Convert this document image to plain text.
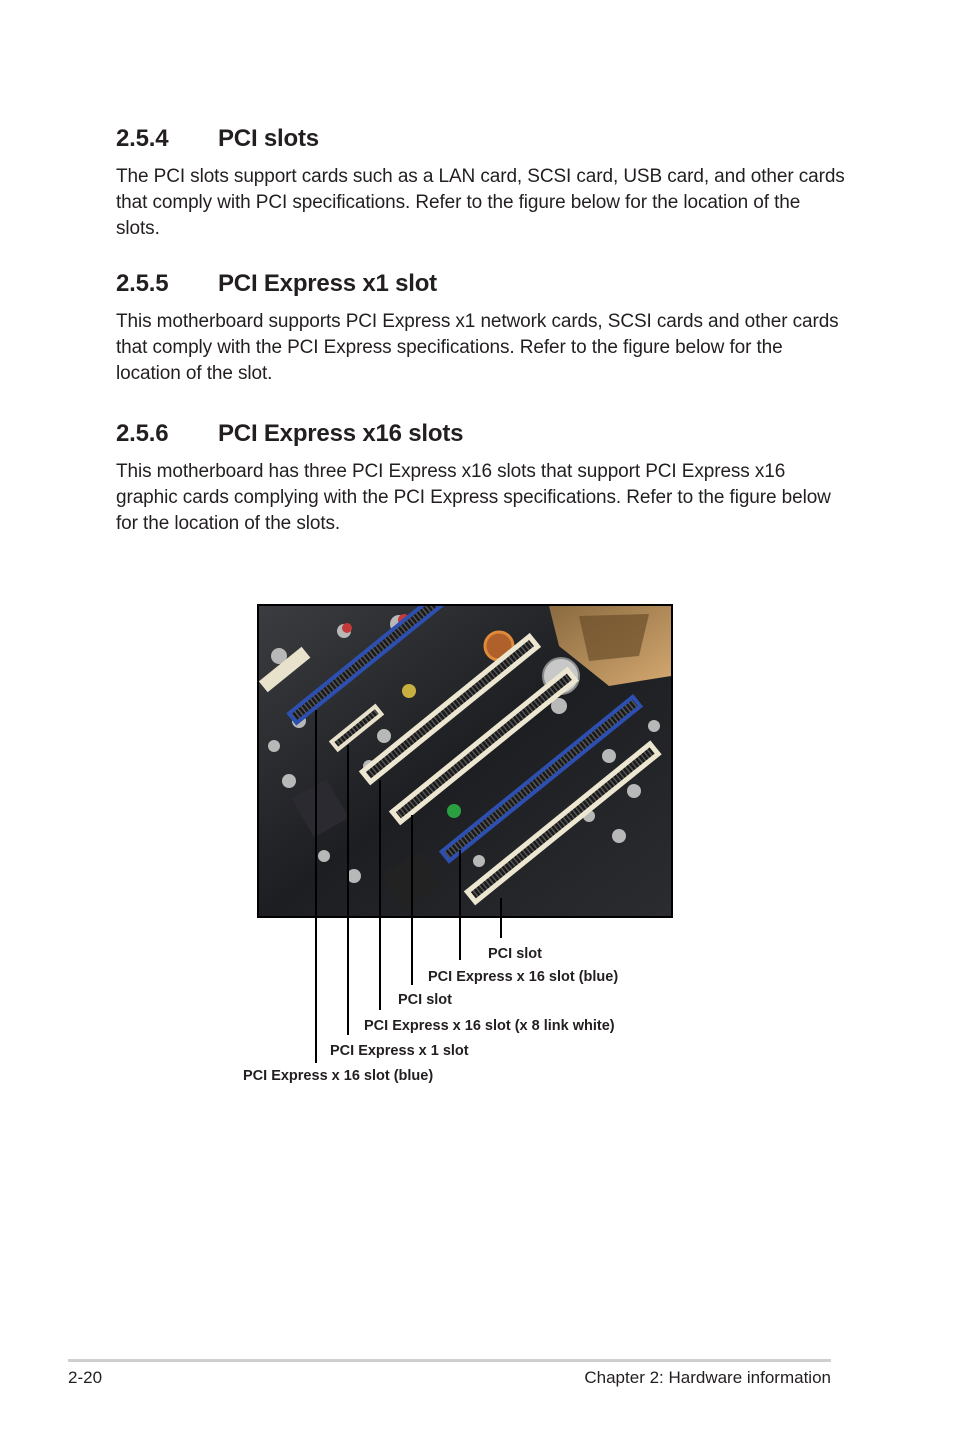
2.5.4 PCI slots

The PCI slots support cards such as a LAN card, SCSI card, USB card, and other cards that comply with PCI specifications. Refer to the figure below for the location of the slots.

2.5.5 PCI Express x1 slot

This motherboard supports PCI Express x1 network cards, SCSI cards and other cards that comply with the PCI Express specifications. Refer to the figure below for the location of the slot.

2.5.6 PCI Express x16 slots

This motherboard has three PCI Express x16 slots that support PCI Express x16 graphic cards complying with the PCI Express specifications. Refer to the figure below for the location of the slots.

PCI slot
PCI Express x 16 slot (blue)
PCI slot
PCI Express x 16 slot (x 8 link white)
PCI Express x 1 slot
PCI Express x 16 slot (blue)
2-20	Chapter 2: Hardware information
